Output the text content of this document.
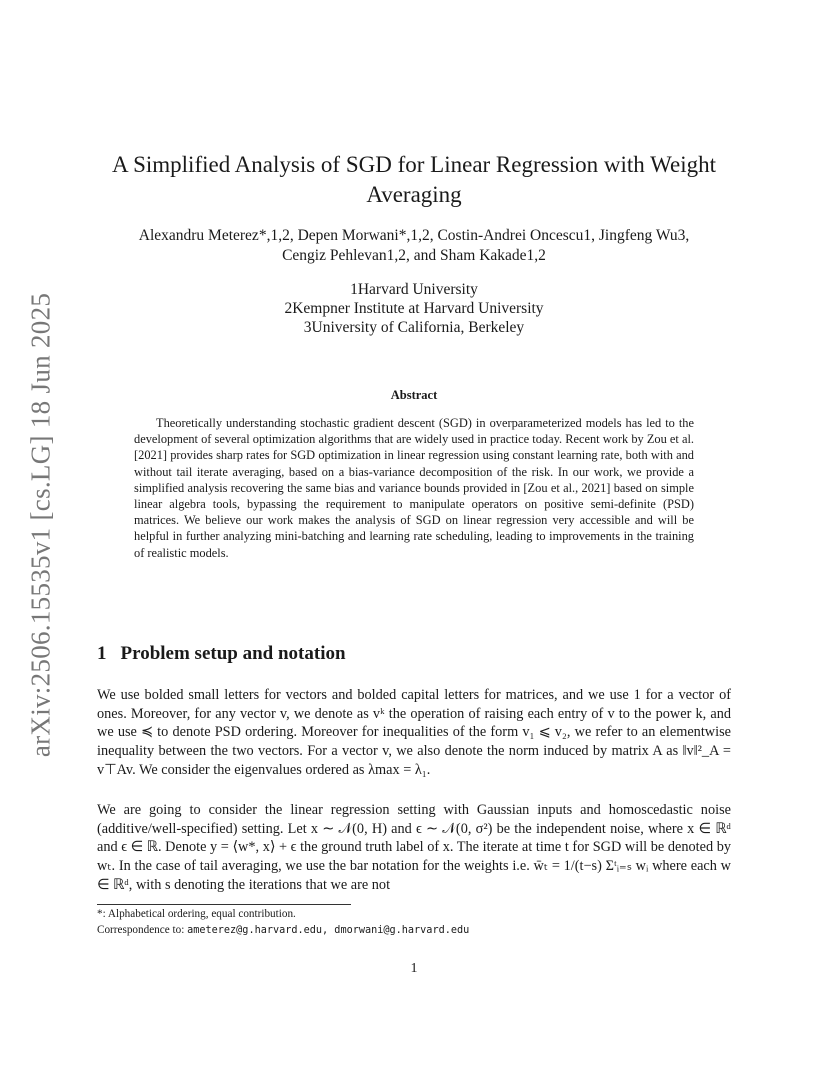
arXiv:2506.15535v1 [cs.LG] 18 Jun 2025
A Simplified Analysis of SGD for Linear Regression with Weight Averaging
Alexandru Meterez*,1,2, Depen Morwani*,1,2, Costin-Andrei Oncescu1, Jingfeng Wu3,
Cengiz Pehlevan1,2, and Sham Kakade1,2
1Harvard University
2Kempner Institute at Harvard University
3University of California, Berkeley
Abstract

Theoretically understanding stochastic gradient descent (SGD) in overparameterized models has led to the development of several optimization algorithms that are widely used in practice today. Recent work by Zou et al. [2021] provides sharp rates for SGD optimization in linear regression using constant learning rate, both with and without tail iterate averaging, based on a bias-variance decomposition of the risk. In our work, we provide a simplified analysis recovering the same bias and variance bounds provided in [Zou et al., 2021] based on simple linear algebra tools, bypassing the requirement to manipulate operators on positive semi-definite (PSD) matrices. We believe our work makes the analysis of SGD on linear regression very accessible and will be helpful in further analyzing mini-batching and learning rate scheduling, leading to improvements in the training of realistic models.

1 Problem setup and notation

We use bolded small letters for vectors and bolded capital letters for matrices, and we use 1 for a vector of ones. Moreover, for any vector v, we denote as vᵏ the operation of raising each entry of v to the power k, and we use ≼ to denote PSD ordering. Moreover for inequalities of the form v₁ ⩽ v₂, we refer to an elementwise inequality between the two vectors. For a vector v, we also denote the norm induced by matrix A as ‖v‖²_A = v⊤Av. We consider the eigenvalues ordered as λmax = λ₁.

We are going to consider the linear regression setting with Gaussian inputs and homoscedastic noise (additive/well-specified) setting. Let x ∼ 𝒩(0, H) and ϵ ∼ 𝒩(0, σ²) be the independent noise, where x ∈ ℝᵈ and ϵ ∈ ℝ. Denote y = ⟨w*, x⟩ + ϵ the ground truth label of x. The iterate at time t for SGD will be denoted by wₜ. In the case of tail averaging, we use the bar notation for the weights i.e. w̄ₜ = 1/(t−s) Σᵗᵢ₌ₛ wᵢ where each w ∈ ℝᵈ, with s denoting the iterations that we are not

*: Alphabetical ordering, equal contribution.
Correspondence to: ameterez@g.harvard.edu, dmorwani@g.harvard.edu
1
